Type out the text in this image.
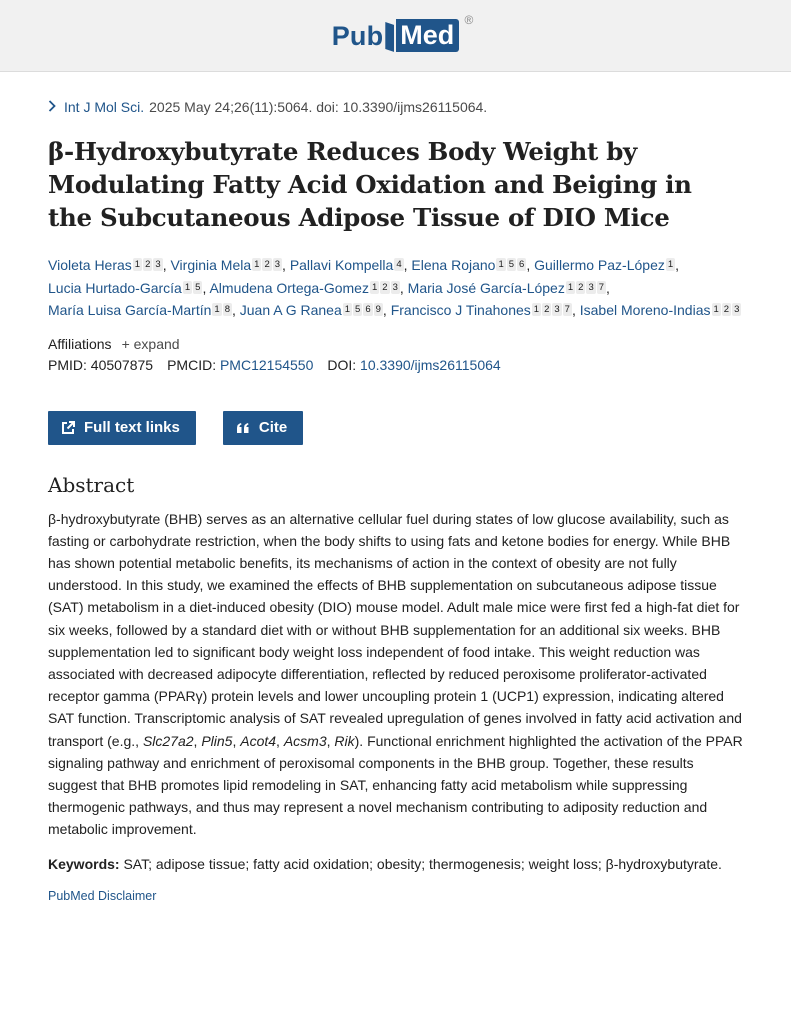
Pub Med ®
Int J Mol Sci. 2025 May 24;26(11):5064. doi: 10.3390/ijms26115064.
β-Hydroxybutyrate Reduces Body Weight by Modulating Fatty Acid Oxidation and Beiging in the Subcutaneous Adipose Tissue of DIO Mice
Violeta Heras 1 2 3 , Virginia Mela 1 2 3 , Pallavi Kompella 4 , Elena Rojano 1 5 6 , Guillermo Paz-López 1 , Lucia Hurtado-García 1 5 , Almudena Ortega-Gomez 1 2 3 , Maria José García-López 1 2 3 7 , María Luisa García-Martín 1 8 , Juan A G Ranea 1 5 6 9 , Francisco J Tinahones 1 2 3 7 , Isabel Moreno-Indias 1 2 3
Affiliations + expand
PMID: 40507875 PMCID: PMC12154550 DOI: 10.3390/ijms26115064
Full text links	Cite
Abstract

β-hydroxybutyrate (BHB) serves as an alternative cellular fuel during states of low glucose availability, such as fasting or carbohydrate restriction, when the body shifts to using fats and ketone bodies for energy. While BHB has shown potential metabolic benefits, its mechanisms of action in the context of obesity are not fully understood. In this study, we examined the effects of BHB supplementation on subcutaneous adipose tissue (SAT) metabolism in a diet-induced obesity (DIO) mouse model. Adult male mice were first fed a high-fat diet for six weeks, followed by a standard diet with or without BHB supplementation for an additional six weeks. BHB supplementation led to significant body weight loss independent of food intake. This weight reduction was associated with decreased adipocyte differentiation, reflected by reduced peroxisome proliferator-activated receptor gamma (PPARγ) protein levels and lower uncoupling protein 1 (UCP1) expression, indicating altered SAT function. Transcriptomic analysis of SAT revealed upregulation of genes involved in fatty acid activation and transport (e.g., Slc27a2, Plin5, Acot4, Acsm3, Rik). Functional enrichment highlighted the activation of the PPAR signaling pathway and enrichment of peroxisomal components in the BHB group. Together, these results suggest that BHB promotes lipid remodeling in SAT, enhancing fatty acid metabolism while suppressing thermogenic pathways, and thus may represent a novel mechanism contributing to adiposity reduction and metabolic improvement.

Keywords: SAT; adipose tissue; fatty acid oxidation; obesity; thermogenesis; weight loss; β-hydroxybutyrate.
PubMed Disclaimer
